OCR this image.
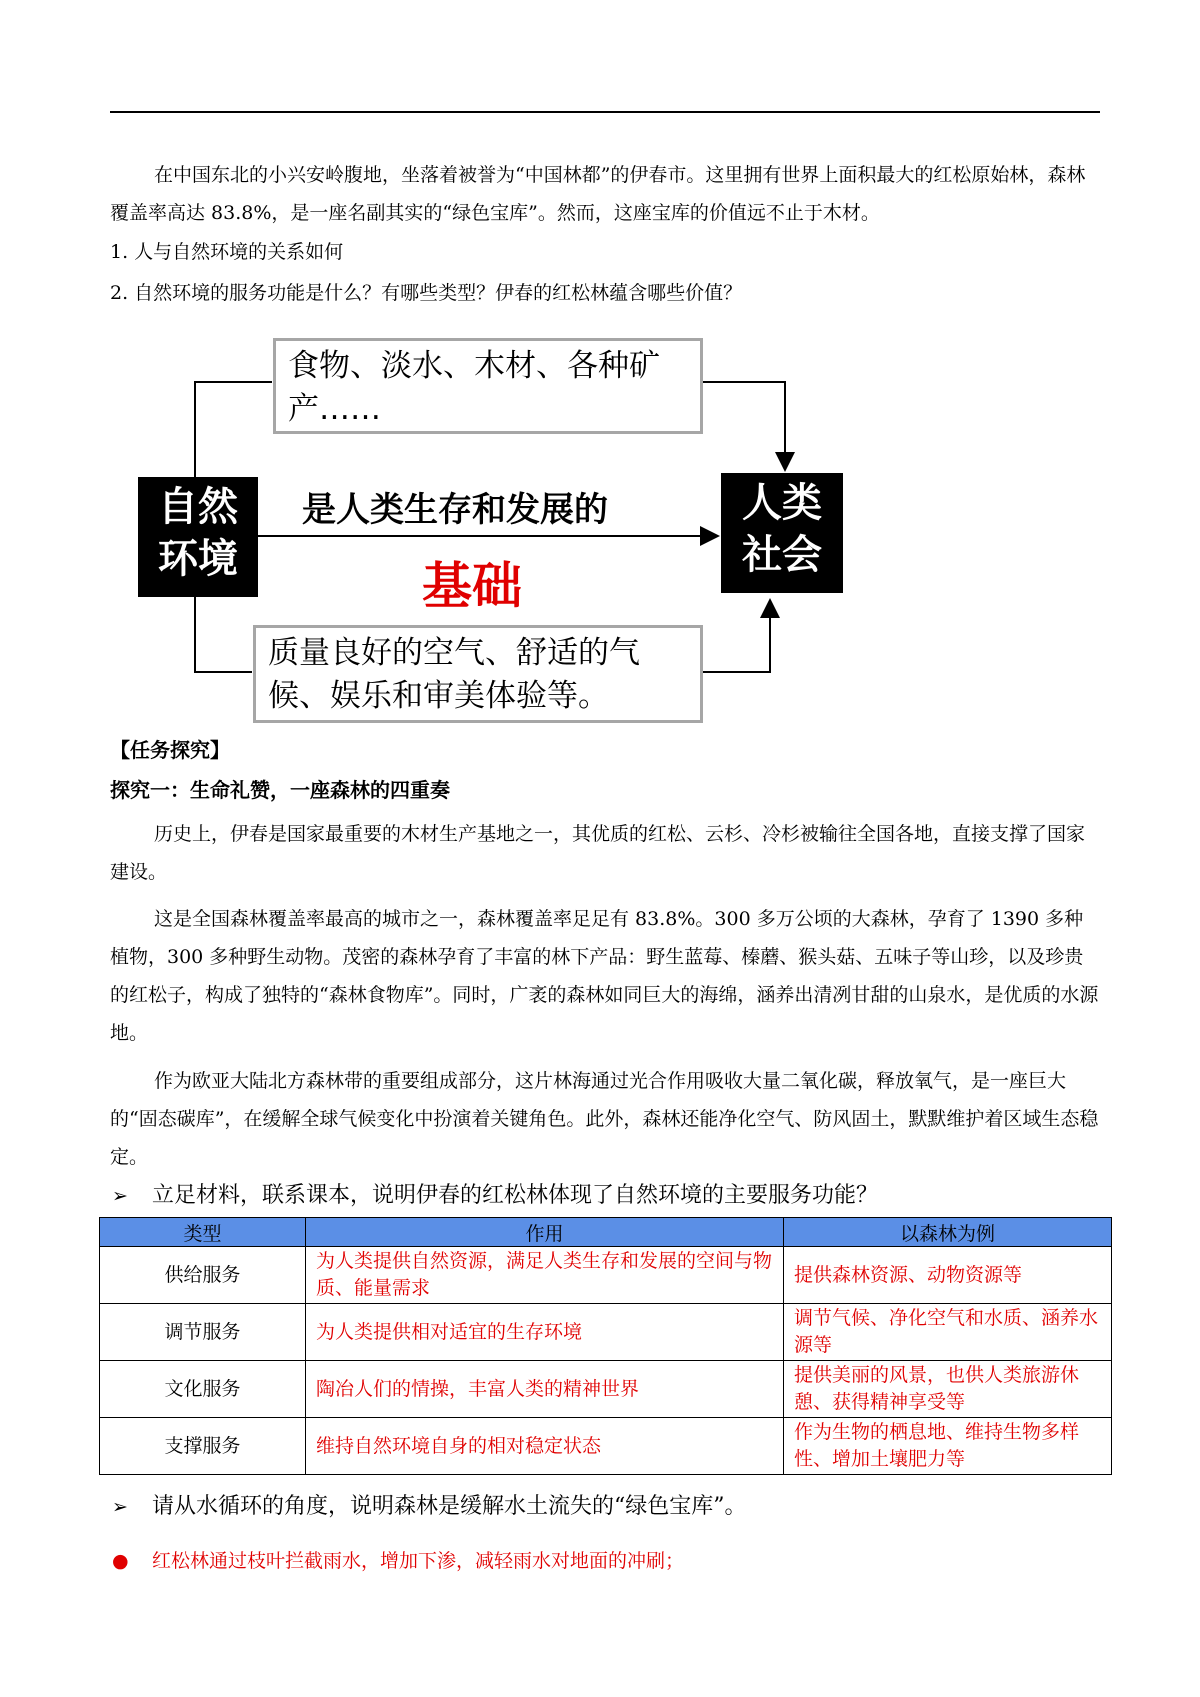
在中国东北的小兴安岭腹地，坐落着被誉为“中国林都”的伊春市。这里拥有世界上面积最大的红松原始林，森林覆盖率高达 83.8%，是一座名副其实的“绿色宝库”。然而，这座宝库的价值远不止于木材。

1. 人与自然环境的关系如何
2. 自然环境的服务功能是什么？有哪些类型？伊春的红松林蕴含哪些价值？
食物、淡水、木材、各种矿产……
自然
环境
人类
社会
是人类生存和发展的
基础
质量良好的空气、舒适的气候、娱乐和审美体验等。
【任务探究】
探究一：生命礼赞，一座森林的四重奏

历史上，伊春是国家最重要的木材生产基地之一，其优质的红松、云杉、冷杉被输往全国各地，直接支撑了国家建设。

这是全国森林覆盖率最高的城市之一，森林覆盖率足足有 83.8%。300 多万公顷的大森林，孕育了 1390 多种植物，300 多种野生动物。茂密的森林孕育了丰富的林下产品：野生蓝莓、榛蘑、猴头菇、五味子等山珍，以及珍贵的红松子，构成了独特的“森林食物库”。同时，广袤的森林如同巨大的海绵，涵养出清冽甘甜的山泉水，是优质的水源地。

作为欧亚大陆北方森林带的重要组成部分，这片林海通过光合作用吸收大量二氧化碳，释放氧气，是一座巨大的“固态碳库”，在缓解全球气候变化中扮演着关键角色。此外，森林还能净化空气、防风固土，默默维护着区域生态稳定。

➢ 立足材料，联系课本，说明伊春的红松林体现了自然环境的主要服务功能？
类型	作用	以森林为例
供给服务	为人类提供自然资源，满足人类生存和发展的空间与物质、能量需求	提供森林资源、动物资源等
调节服务	为人类提供相对适宜的生存环境	调节气候、净化空气和水质、涵养水源等
文化服务	陶冶人们的情操，丰富人类的精神世界	提供美丽的风景，也供人类旅游休憩、获得精神享受等
支撑服务	维持自然环境自身的相对稳定状态	作为生物的栖息地、维持生物多样性、增加土壤肥力等
➢ 请从水循环的角度，说明森林是缓解水土流失的“绿色宝库”。
● 红松林通过枝叶拦截雨水，增加下渗，减轻雨水对地面的冲刷；
